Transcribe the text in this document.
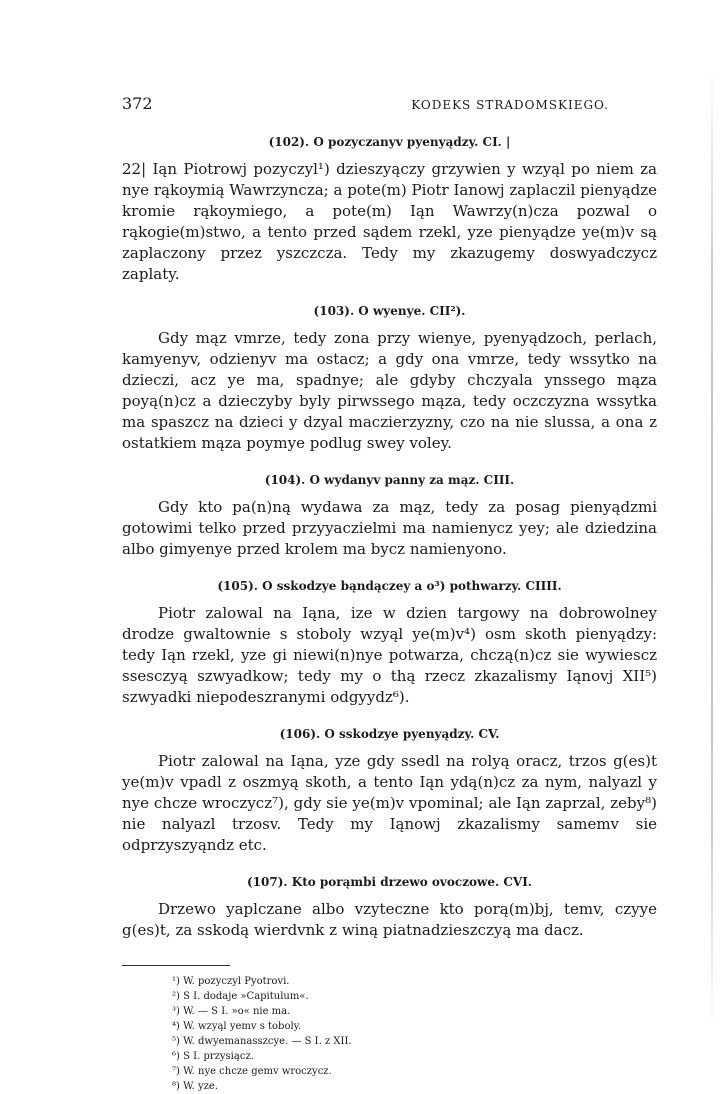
372	KODEKS STRADOMSKIEGO.
(102). O pozyczanyv pyenyądzy. CI. |

22| Iąn Piotrowj pozyczyl¹) dzieszyączy grzywien y wzyąl po niem za nye rąkoymią Wawrzyncza; a pote(m) Piotr Ianowj zaplaczil pienyądze kromie rąkoymiego, a pote(m) Iąn Wawrzy(n)cza pozwal o rąkogie(m)stwo, a tento przed sądem rzekl, yze pienyądze ye(m)v są zaplaczony przez yszczcza. Tedy my zkazugemy doswyadczycz zaplaty.

(103). O wyenye. CII²).

Gdy mąz vmrze, tedy zona przy wienye, pyenyądzoch, perlach, kamyenyv, odzienyv ma ostacz; a gdy ona vmrze, tedy wssytko na dzieczi, acz ye ma, spadnye; ale gdyby chczyala ynssego mąza poyą(n)cz a dzieczyby byly pirwssego mąza, tedy oczczyzna wssytka ma spaszcz na dzieci y dzyal maczierzyzny, czo na nie slussa, a ona z ostatkiem mąza poymye podlug swey voley.

(104). O wydanyv panny za mąz. CIII.

Gdy kto pa(n)ną wydawa za mąz, tedy za posag pienyądzmi gotowimi telko przed przyyaczielmi ma namienycz yey; ale dziedzina albo gimyenye przed krolem ma bycz namienyono.

(105). O sskodzye bąndączey a o³) pothwarzy. CIIII.

Piotr zalowal na Iąna, ize w dzien targowy na dobrowolney drodze gwaltownie s stoboly wzyąl ye(m)v⁴) osm skoth pienyądzy: tedy Iąn rzekl, yze gi niewi(n)nye potwarza, chczą(n)cz sie wywiescz ssesczyą szwyadkow; tedy my o thą rzecz zkazalismy Iąnovj XII⁵) szwyadki niepodeszranymi odgyydz⁶).

(106). O sskodzye pyenyądzy. CV.

Piotr zalowal na Iąna, yze gdy ssedl na rolyą oracz, trzos g(es)t ye(m)v vpadl z oszmyą skoth, a tento Iąn ydą(n)cz za nym, nalyazl y nye chcze wroczycz⁷), gdy sie ye(m)v vpominal; ale Iąn zaprzal, zeby⁸) nie nalyazl trzosv. Tedy my Iąnowj zkazalismy samemv sie odprzyszyąndz etc.

(107). Kto porąmbi drzewo ovoczowe. CVI.

Drzewo yaplczane albo vzyteczne kto porą(m)bj, temv, czyye g(es)t, za sskodą wierdvnk z winą piatnadzieszczyą ma dacz.

¹) W. pozyczyl Pyotrovi.
²) S I. dodaje »Capitulum«.
³) W. — S I. »o« nie ma.
⁴) W. wzyąl yemv s toboly.
⁵) W. dwyemanasszcye. — S I. z XII.
⁶) S I. przysiącz.
⁷) W. nye chcze gemv wroczycz.
⁸) W. yze.
